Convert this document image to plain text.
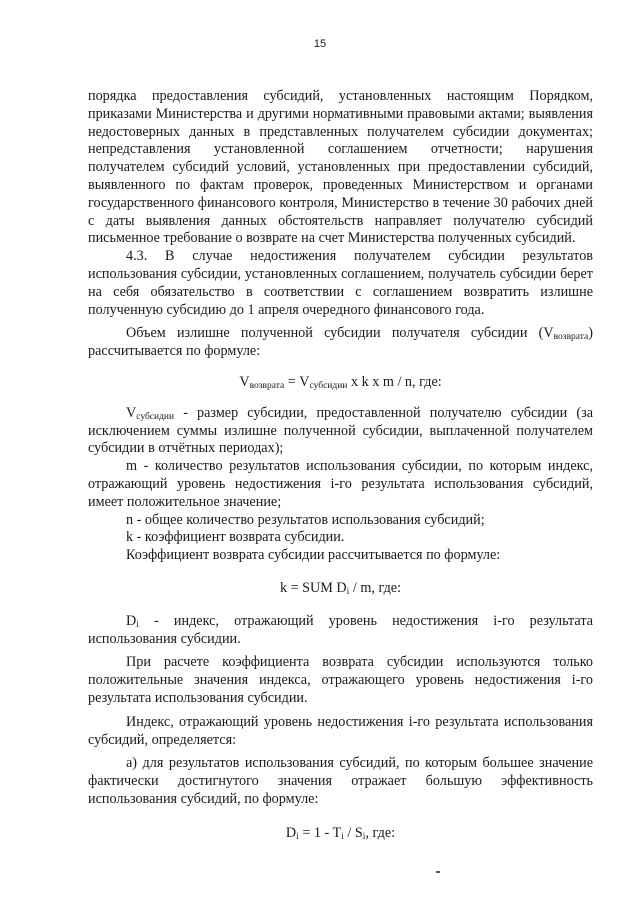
15

порядка предоставления субсидий, установленных настоящим Порядком, приказами Министерства и другими нормативными правовыми актами; выявления недостоверных данных в представленных получателем субсидии документах; непредставления установленной соглашением отчетности; нарушения получателем субсидий условий, установленных при предоставлении субсидий, выявленного по фактам проверок, проведенных Министерством и органами государственного финансового контроля, Министерство в течение 30 рабочих дней с даты выявления данных обстоятельств направляет получателю субсидий письменное требование о возврате на счет Министерства полученных субсидий.

4.3. В случае недостижения получателем субсидии результатов использования субсидии, установленных соглашением, получатель субсидии берет на себя обязательство в соответствии с соглашением возвратить излишне полученную субсидию до 1 апреля очередного финансового года.

Объем излишне полученной субсидии получателя субсидии $(V_{возврата})$ рассчитывается по формуле:

$V_{возврата} = V_{субсидии}$ x k x m / n, где:

$V_{субсидии}$ - размер субсидии, предоставленной получателю субсидии (за исключением суммы излишне полученной субсидии, выплаченной получателем субсидии в отчётных периодах);

m - количество результатов использования субсидии, по которым индекс, отражающий уровень недостижения i-го результата использования субсидий, имеет положительное значение;

n - общее количество результатов использования субсидий;

k - коэффициент возврата субсидии.

Коэффициент возврата субсидии рассчитывается по формуле:

k = SUM $D_i$ / m, где:

$D_i$ - индекс, отражающий уровень недостижения i-го результата использования субсидии.

При расчете коэффициента возврата субсидии используются только положительные значения индекса, отражающего уровень недостижения i-го результата использования субсидии.

Индекс, отражающий уровень недостижения i-го результата использования субсидий, определяется:

а) для результатов использования субсидий, по которым большее значение фактически достигнутого значения отражает большую эффективность использования субсидий, по формуле:

$D_i = 1 - T_i / S_i$, где:
